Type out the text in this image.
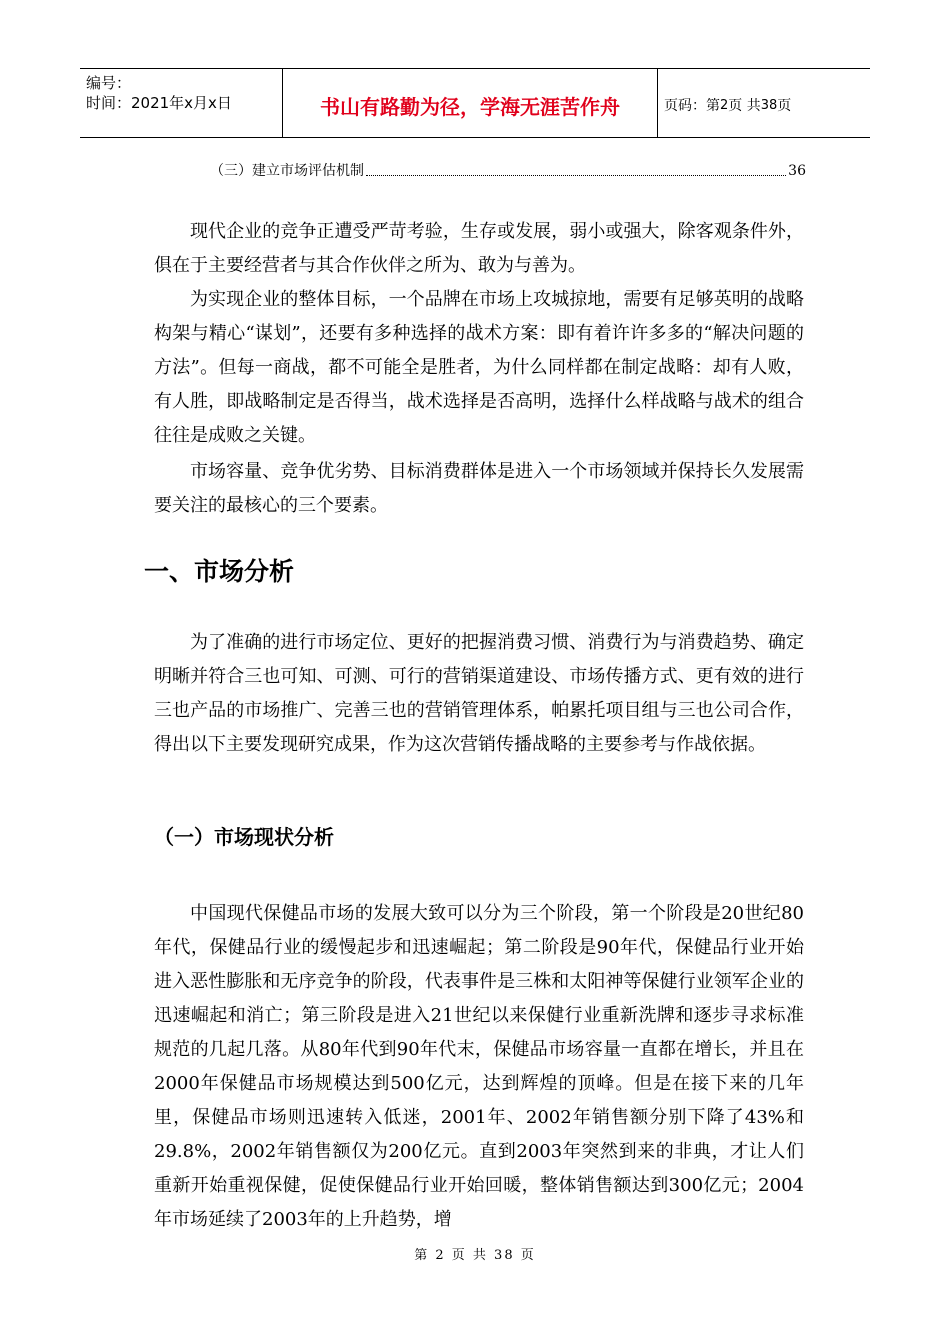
编号：
时间：2021年x月x日	书山有路勤为径，学海无涯苦作舟	页码：第 2 页 共 38 页
（三）建立市场评估机制	36

现代企业的竞争正遭受严苛考验，生存或发展，弱小或强大，除客观条件外，俱在于主要经营者与其合作伙伴之所为、敢为与善为。

为实现企业的整体目标，一个品牌在市场上攻城掠地，需要有足够英明的战略构架与精心“谋划”，还要有多种选择的战术方案：即有着许许多多的“解决问题的方法”。但每一商战，都不可能全是胜者，为什么同样都在制定战略：却有人败，有人胜，即战略制定是否得当，战术选择是否高明，选择什么样战略与战术的组合往往是成败之关键。

市场容量、竞争优劣势、目标消费群体是进入一个市场领域并保持长久发展需要关注的最核心的三个要素。

一、市场分析

为了准确的进行市场定位、更好的把握消费习惯、消费行为与消费趋势、确定明晰并符合三也可知、可测、可行的营销渠道建设、市场传播方式、更有效的进行三也产品的市场推广、完善三也的营销管理体系，帕累托项目组与三也公司合作，得出以下主要发现研究成果，作为这次营销传播战略的主要参考与作战依据。

（一）市场现状分析

中国现代保健品市场的发展大致可以分为三个阶段，第一个阶段是20世纪80年代，保健品行业的缓慢起步和迅速崛起；第二阶段是90年代，保健品行业开始进入恶性膨胀和无序竞争的阶段，代表事件是三株和太阳神等保健行业领军企业的迅速崛起和消亡；第三阶段是进入21世纪以来保健行业重新洗牌和逐步寻求标准规范的几起几落。从80年代到90年代末，保健品市场容量一直都在增长，并且在2000年保健品市场规模达到500亿元，达到辉煌的顶峰。但是在接下来的几年里，保健品市场则迅速转入低迷，2001年、2002年销售额分别下降了43%和29.8%，2002年销售额仅为200亿元。直到2003年突然到来的非典，才让人们重新开始重视保健，促使保健品行业开始回暖，整体销售额达到300亿元；2004年市场延续了2003年的上升趋势，增

第 2 页 共 38 页
